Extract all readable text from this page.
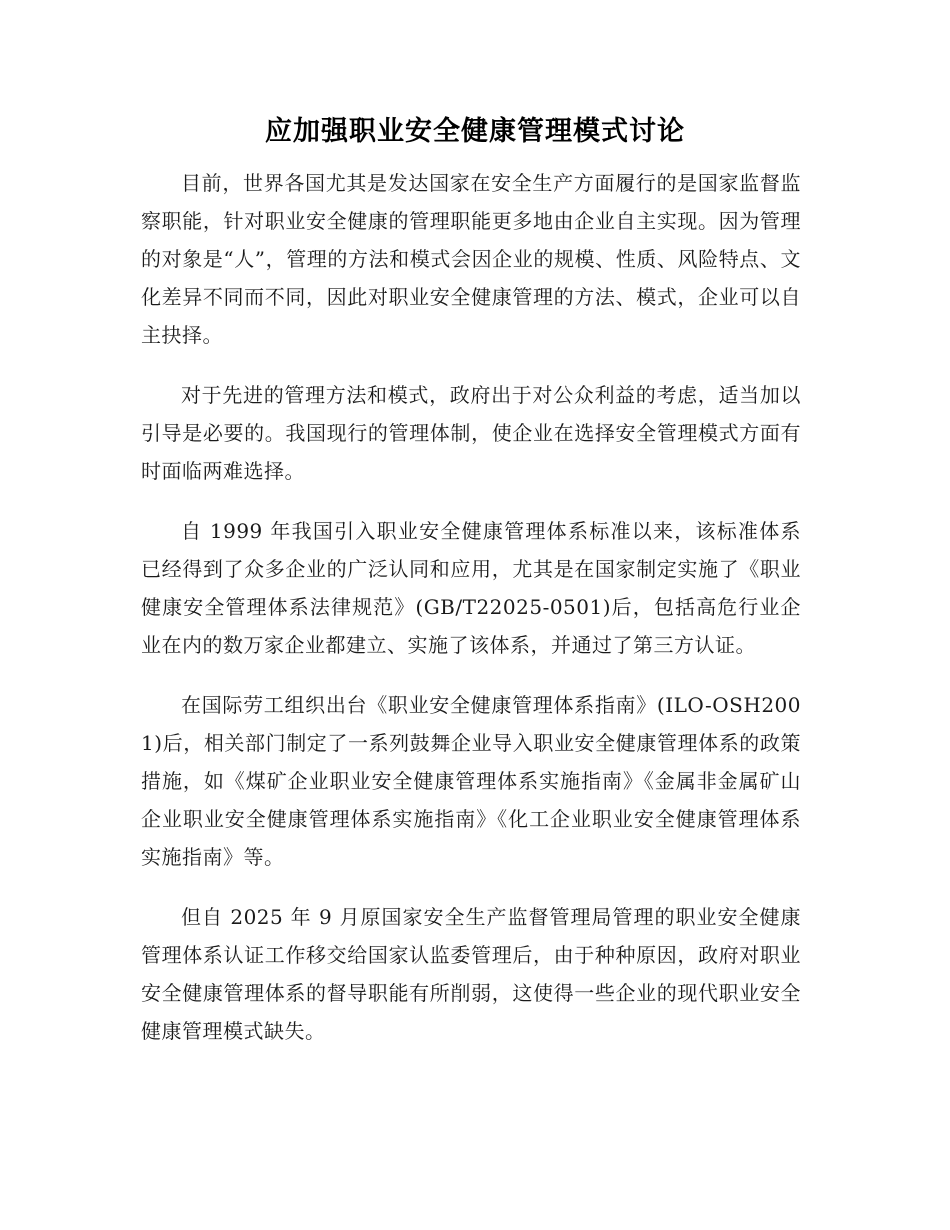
应加强职业安全健康管理模式讨论

目前，世界各国尤其是发达国家在安全生产方面履行的是国家监督监察职能，针对职业安全健康的管理职能更多地由企业自主实现。因为管理的对象是“人”，管理的方法和模式会因企业的规模、性质、风险特点、文化差异不同而不同，因此对职业安全健康管理的方法、模式，企业可以自主抉择。

对于先进的管理方法和模式，政府出于对公众利益的考虑，适当加以引导是必要的。我国现行的管理体制，使企业在选择安全管理模式方面有时面临两难选择。

自 1999 年我国引入职业安全健康管理体系标准以来，该标准体系已经得到了众多企业的广泛认同和应用，尤其是在国家制定实施了《职业健康安全管理体系法律规范》(GB/T22025-0501)后，包括高危行业企业在内的数万家企业都建立、实施了该体系，并通过了第三方认证。

在国际劳工组织出台《职业安全健康管理体系指南》(ILO-OSH2001)后，相关部门制定了一系列鼓舞企业导入职业安全健康管理体系的政策措施，如《煤矿企业职业安全健康管理体系实施指南》《金属非金属矿山企业职业安全健康管理体系实施指南》《化工企业职业安全健康管理体系实施指南》等。

但自 2025 年 9 月原国家安全生产监督管理局管理的职业安全健康管理体系认证工作移交给国家认监委管理后，由于种种原因，政府对职业安全健康管理体系的督导职能有所削弱，这使得一些企业的现代职业安全健康管理模式缺失。
